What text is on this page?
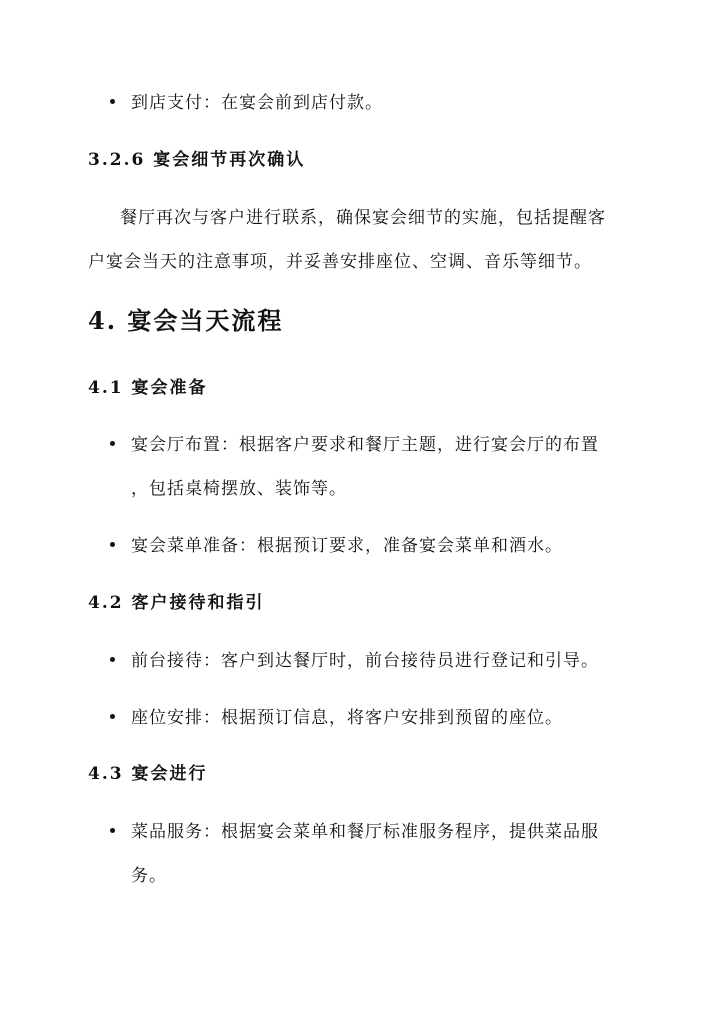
到店支付：在宴会前到店付款。
3.2.6 宴会细节再次确认
餐厅再次与客户进行联系，确保宴会细节的实施，包括提醒客
户宴会当天的注意事项，并妥善安排座位、空调、音乐等细节。
4. 宴会当天流程
4.1 宴会准备
宴会厅布置：根据客户要求和餐厅主题，进行宴会厅的布置
，包括桌椅摆放、装饰等。
宴会菜单准备：根据预订要求，准备宴会菜单和酒水。
4.2 客户接待和指引
前台接待：客户到达餐厅时，前台接待员进行登记和引导。
座位安排：根据预订信息，将客户安排到预留的座位。
4.3 宴会进行
菜品服务：根据宴会菜单和餐厅标准服务程序，提供菜品服
务。
